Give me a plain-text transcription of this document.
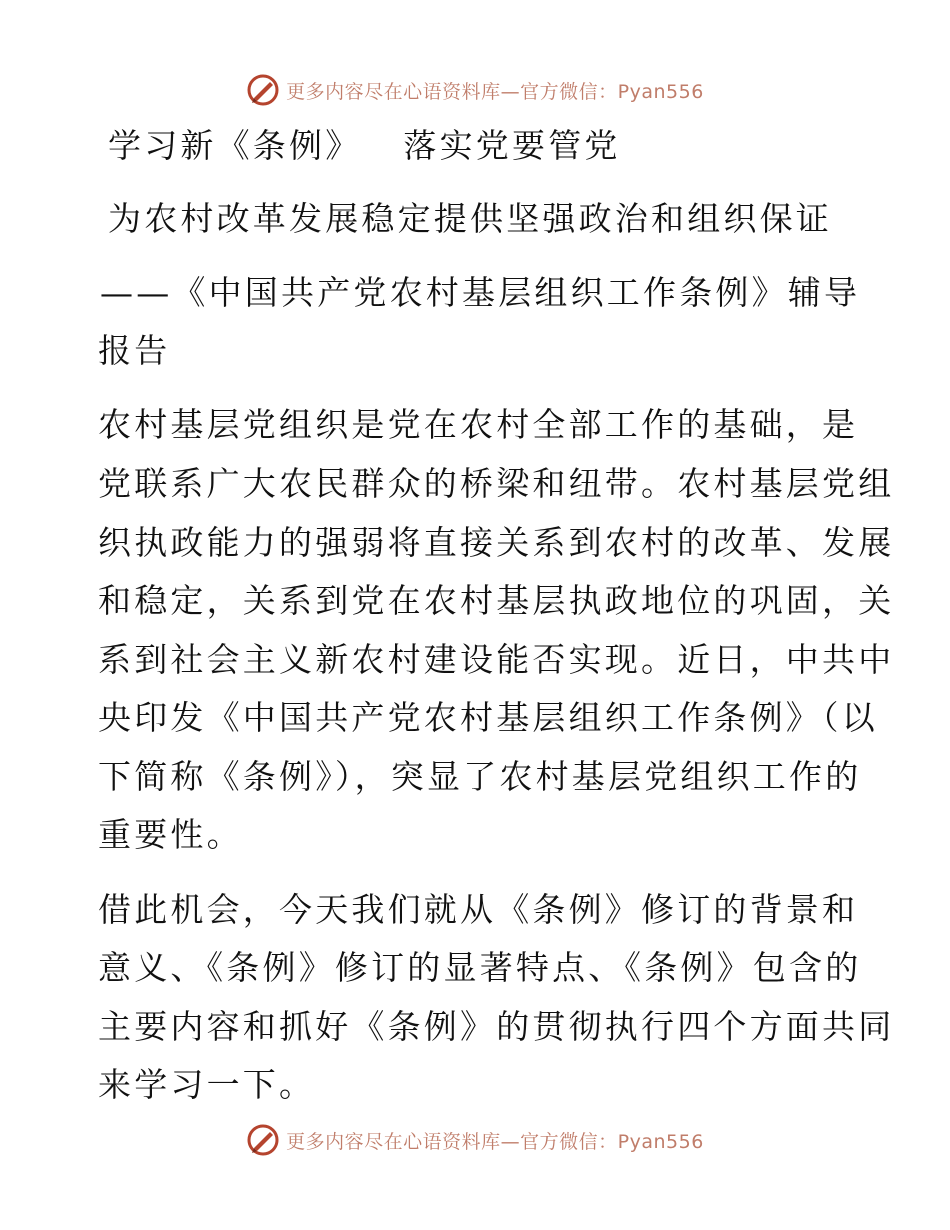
更多内容尽在心语资料库—官方微信：Pyan556
学习新《条例》 落实党要管党
为农村改革发展稳定提供坚强政治和组织保证
——《中国共产党农村基层组织工作条例》辅导
报告
农村基层党组织是党在农村全部工作的基础，是
党联系广大农民群众的桥梁和纽带。农村基层党组
织执政能力的强弱将直接关系到农村的改革、发展
和稳定，关系到党在农村基层执政地位的巩固，关
系到社会主义新农村建设能否实现。近日，中共中
央印发《中国共产党农村基层组织工作条例》（以
下简称《条例》），突显了农村基层党组织工作的
重要性。
借此机会，今天我们就从《条例》修订的背景和
意义、《条例》修订的显著特点、《条例》包含的
主要内容和抓好《条例》的贯彻执行四个方面共同
来学习一下。
更多内容尽在心语资料库—官方微信：Pyan556
